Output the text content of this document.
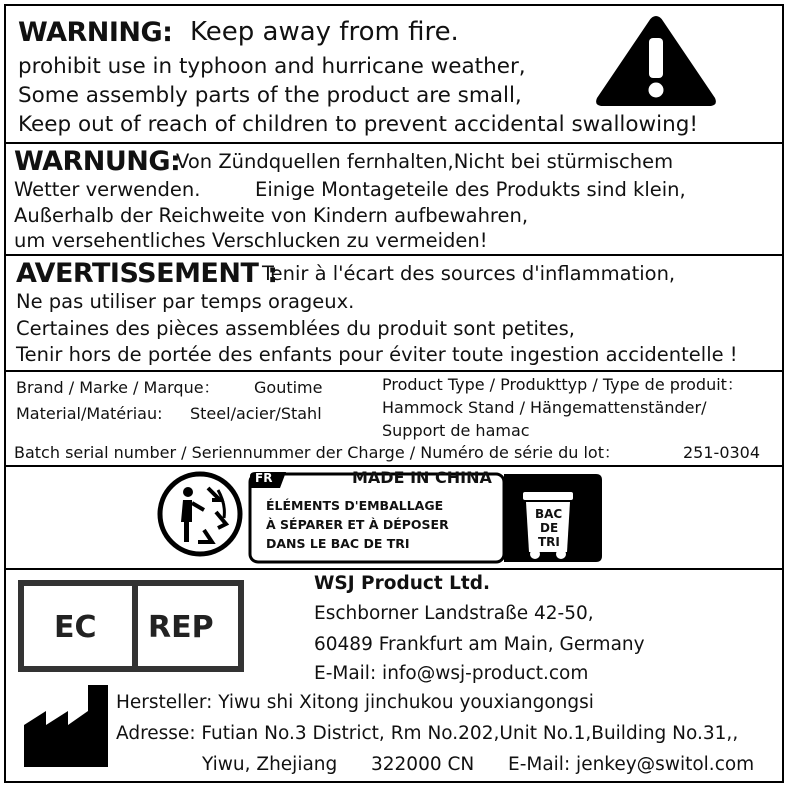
WARNING: Keep away from fire.
prohibit use in typhoon and hurricane weather,
Some assembly parts of the product are small,
Keep out of reach of children to prevent accidental swallowing!
WARNUNG:
Von Zündquellen fernhalten,Nicht bei stürmischem
Wetter verwenden.	Einige Montageteile des Produkts sind klein,
Außerhalb der Reichweite von Kindern aufbewahren,
um versehentliches Verschlucken zu vermeiden!
AVERTISSEMENT :
Tenir à l'écart des sources d'inflammation,
Ne pas utiliser par temps orageux.
Certaines des pièces assemblées du produit sont petites,
Tenir hors de portée des enfants pour éviter toute ingestion accidentelle !
Brand / Marke / Marque： Goutime
Material/Matériau: Steel/acier/Stahl
Product Type / Produkttyp / Type de produit：
Hammock Stand / Hängemattenständer/
Support de hamac
Batch serial number / Seriennummer der Charge / Numéro de série du lot：	251-0304
FR	MADE IN CHINA
ÉLÉMENTS D'EMBALLAGE
À SÉPARER ET À DÉPOSER
DANS LE BAC DE TRI
BAC
DE
TRI
EC REP
WSJ Product Ltd.
Eschborner Landstraße 42-50,
60489 Frankfurt am Main, Germany
E-Mail: info@wsj-product.com
Hersteller: Yiwu shi Xitong jinchukou youxiangongsi
Adresse: Futian No.3 District, Rm No.202,Unit No.1,Building No.31,,
Yiwu, Zhejiang 322000 CN E-Mail: jenkey@switol.com
